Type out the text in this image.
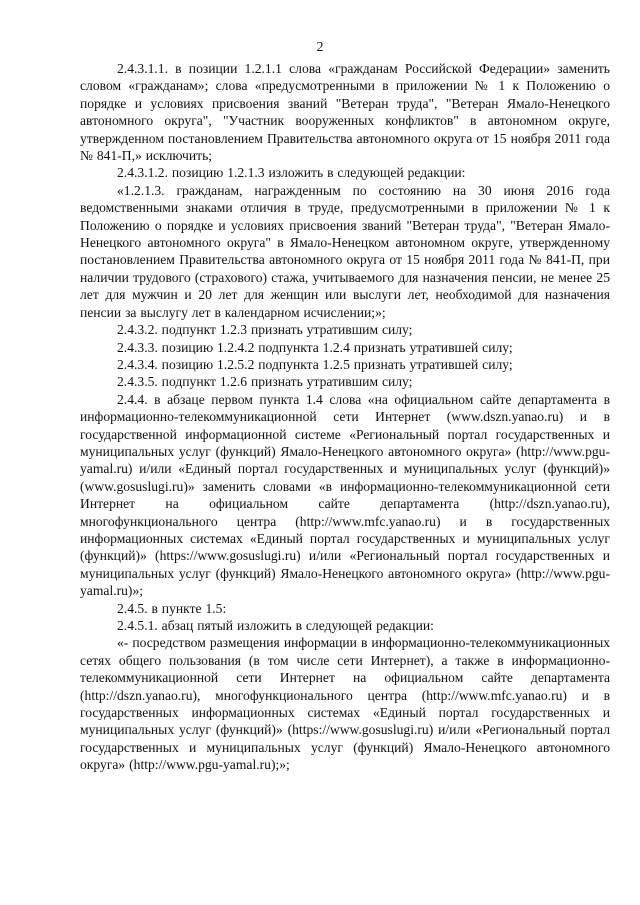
2

2.4.3.1.1. в позиции 1.2.1.1 слова «гражданам Российской Федерации» заменить словом «гражданам»; слова «предусмотренными в приложении № 1 к Положению о порядке и условиях присвоения званий "Ветеран труда", "Ветеран Ямало-Ненецкого автономного округа", "Участник вооруженных конфликтов" в автономном округе, утвержденном постановлением Правительства автономного округа от 15 ноября 2011 года № 841-П,» исключить;

2.4.3.1.2. позицию 1.2.1.3 изложить в следующей редакции:

«1.2.1.3. гражданам, награжденным по состоянию на 30 июня 2016 года ведомственными знаками отличия в труде, предусмотренными в приложении № 1 к Положению о порядке и условиях присвоения званий "Ветеран труда", "Ветеран Ямало-Ненецкого автономного округа" в Ямало-Ненецком автономном округе, утвержденному постановлением Правительства автономного округа от 15 ноября 2011 года № 841-П, при наличии трудового (страхового) стажа, учитываемого для назначения пенсии, не менее 25 лет для мужчин и 20 лет для женщин или выслуги лет, необходимой для назначения пенсии за выслугу лет в календарном исчислении;»;

2.4.3.2. подпункт 1.2.3 признать утратившим силу;

2.4.3.3. позицию 1.2.4.2 подпункта 1.2.4 признать утратившей силу;

2.4.3.4. позицию 1.2.5.2 подпункта 1.2.5 признать утратившей силу;

2.4.3.5. подпункт 1.2.6 признать утратившим силу;

2.4.4. в абзаце первом пункта 1.4 слова «на официальном сайте департамента в информационно-телекоммуникационной сети Интернет (www.dszn.yanao.ru) и в государственной информационной системе «Региональный портал государственных и муниципальных услуг (функций) Ямало-Ненецкого автономного округа» (http://www.pgu-yamal.ru) и/или «Единый портал государственных и муниципальных услуг (функций)» (www.gosuslugi.ru)» заменить словами «в информационно-телекоммуникационной сети Интернет на официальном сайте департамента (http://dszn.yanao.ru), многофункционального центра (http://www.mfc.yanao.ru) и в государственных информационных системах «Единый портал государственных и муниципальных услуг (функций)» (https://www.gosuslugi.ru) и/или «Региональный портал государственных и муниципальных услуг (функций) Ямало-Ненецкого автономного округа» (http://www.pgu-yamal.ru)»;

2.4.5. в пункте 1.5:

2.4.5.1. абзац пятый изложить в следующей редакции:

«- посредством размещения информации в информационно-телекоммуникационных сетях общего пользования (в том числе сети Интернет), а также в информационно-телекоммуникационной сети Интернет на официальном сайте департамента (http://dszn.yanao.ru), многофункционального центра (http://www.mfc.yanao.ru) и в государственных информационных системах «Единый портал государственных и муниципальных услуг (функций)» (https://www.gosuslugi.ru) и/или «Региональный портал государственных и муниципальных услуг (функций) Ямало-Ненецкого автономного округа» (http://www.pgu-yamal.ru);»;
